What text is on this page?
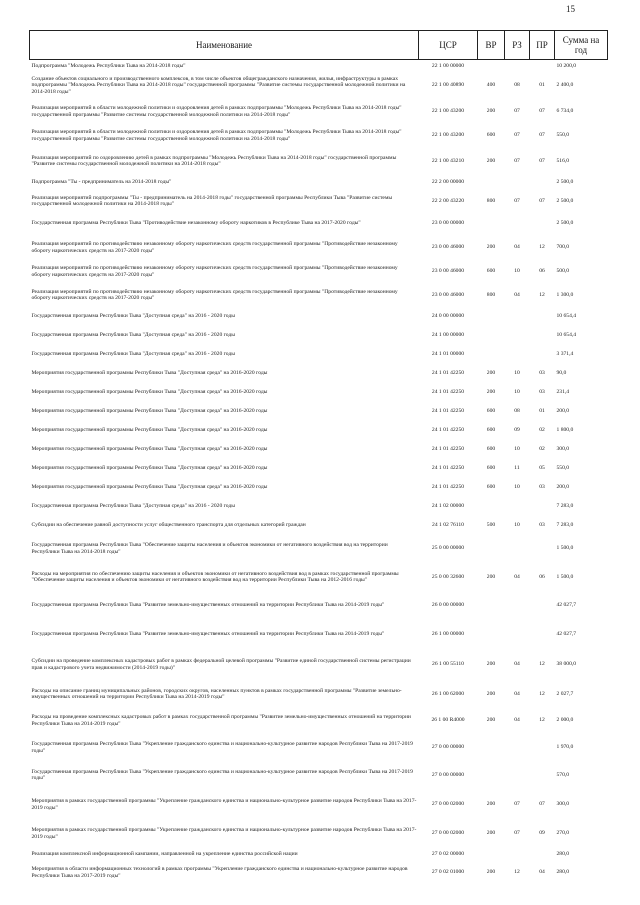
15
Наименование	ЦСР	ВР	РЗ	ПР	Сумма на
год

Подпрограмма "Молодежь Республики Тыва на 2014-2018 годы"	22 1 00 00000				10 200,0
Создание объектов социального и производственного комплексов, в том числе объектов общегражданского назначения, жилья, инфраструктуры в рамках подпрограммы "Молодежь Республики Тыва на 2014-2018 годы" государственной программы "Развитие системы государственной молодежной политики на 2014-2018 годы"	22 1 00 40890	400	08	01	2 400,0
Реализация мероприятий в области молодежной политики и оздоровления детей в рамках подпрограммы "Молодежь Республики Тыва на 2014-2018 годы" государственной программы "Развитие системы государственной молодежной политики на 2014-2018 годы"	22 1 00 43200	200	07	07	6 734,0
Реализация мероприятий в области молодежной политики и оздоровления детей в рамках подпрограммы "Молодежь Республики Тыва на 2014-2018 годы" государственной программы "Развитие системы государственной молодежной политики на 2014-2018 годы"	22 1 00 43200	600	07	07	550,0
Реализация мероприятий по оздоровлению детей в рамках подпрограммы "Молодежь Республики Тыва на 2014-2018 годы" государственной программы "Развитие системы государственной молодежной политики на 2014-2018 годы"	22 1 00 43210	200	07	07	516,0
Подпрограмма "Ты - предприниматель на 2014-2018 годы"	22 2 00 00000				2 500,0
Реализация мероприятий подпрограммы "Ты - предприниматель на 2014-2018 годы" государственной программы Республики Тыва "Развитие системы государственной молодежной политики на 2014-2018 годы"	22 2 00 43220	800	07	07	2 500,0
Государственная программа Республики Тыва "Противодействие незаконному обороту наркотиков в Республике Тыва на 2017-2020 годы"	23 0 00 00000				2 500,0
Реализация мероприятий по противодействию незаконному обороту наркотических средств государственной программы "Противодействие незаконному обороту наркотических средств на 2017-2020 годы"	23 0 00 46000	200	04	12	700,0
Реализация мероприятий по противодействию незаконному обороту наркотических средств государственной программы "Противодействие незаконному обороту наркотических средств на 2017-2020 годы"	23 0 00 46000	600	10	06	500,0
Реализация мероприятий по противодействию незаконному обороту наркотических средств государственной программы "Противодействие незаконному обороту наркотических средств на 2017-2020 годы"	23 0 00 46000	800	04	12	1 300,0
Государственная программа Республики Тыва "Доступная среда" на 2016 - 2020 годы	24 0 00 00000				10 654,4
Государственная программа Республики Тыва "Доступная среда" на 2016 - 2020 годы	24 1 00 00000				10 654,4
Государственная программа Республики Тыва "Доступная среда" на 2016 - 2020 годы	24 1 01 00000				3 371,4
Мероприятия государственной программы Республики Тыва "Доступная среда" на 2016-2020 годы	24 1 01 42250	200	10	03	90,0
Мероприятия государственной программы Республики Тыва "Доступная среда" на 2016-2020 годы	24 1 01 42250	200	10	03	231,4
Мероприятия государственной программы Республики Тыва "Доступная среда" на 2016-2020 годы	24 1 01 42250	600	08	01	200,0
Мероприятия государственной программы Республики Тыва "Доступная среда" на 2016-2020 годы	24 1 01 42250	600	09	02	1 800,0
Мероприятия государственной программы Республики Тыва "Доступная среда" на 2016-2020 годы	24 1 01 42250	600	10	02	300,0
Мероприятия государственной программы Республики Тыва "Доступная среда" на 2016-2020 годы	24 1 01 42250	600	11	05	550,0
Мероприятия государственной программы Республики Тыва "Доступная среда" на 2016-2020 годы	24 1 01 42250	600	10	03	200,0
Государственная программа Республики Тыва "Доступная среда" на 2016 - 2020 годы	24 1 02 00000				7 283,0
Субсидии на обеспечение равной доступности услуг общественного транспорта для отдельных категорий граждан	24 1 02 76110	500	10	03	7 283,0
Государственная программа Республики Тыва "Обеспечение защиты населения и объектов экономики от негативного воздействия вод на территории Республики Тыва на 2014-2018 годы"	25 0 00 00000				1 500,0
Расходы на мероприятия по обеспечению защиты населения и объектов экономики от негативного воздействия вод в рамках государственной программы "Обеспечение защиты населения и объектов экономики от негативного воздействия вод на территории Республики Тыва на 2012-2016 годы"	25 0 00 32600	200	04	06	1 500,0
Государственная программа Республики Тыва "Развитие земельно-имущественных отношений на территории Республики Тыва на 2014-2019 годы"	26 0 00 00000				42 027,7
Государственная программа Республики Тыва "Развитие земельно-имущественных отношений на территории Республики Тыва на 2014-2019 годы"	26 1 00 00000				42 027,7
Субсидии на проведение комплексных кадастровых работ в рамках федеральной целевой программы "Развитие единой государственной системы регистрации прав и кадастрового учета недвижимости (2014-2019 годы)"	26 1 00 55110	200	04	12	38 000,0
Расходы на описание границ муниципальных районов, городских округов, населенных пунктов в рамках государственной программы "Развитие земельно-имущественных отношений на территории Республики Тыва на 2014-2019 годы"	26 1 00 62000	200	04	12	2 027,7
Расходы на проведение комплексных кадастровых работ в рамках государственной программы "Развитие земельно-имущественных отношений на территории Республики Тыва на 2014-2019 годы"	26 1 00 R4000	200	04	12	2 000,0
Государственная программа Республики Тыва "Укрепление гражданского единства и национально-культурное развитие народов Республики Тыва на 2017-2019 годы"	27 0 00 00000				1 970,0
Государственная программа Республики Тыва "Укрепление гражданского единства и национально-культурное развитие народов Республики Тыва на 2017-2019 годы"	27 0 00 00000				570,0
Мероприятия в рамках государственной программы "Укрепление гражданского единства и национально-культурное развитие народов Республики Тыва на 2017-2019 годы"	27 0 00 02000	200	07	07	300,0
Мероприятия в рамках государственной программы "Укрепление гражданского единства и национально-культурное развитие народов Республики Тыва на 2017-2019 годы"	27 0 00 02000	200	07	09	270,0
Реализация комплексной информационной кампании, направленной на укрепление единства российской нации	27 0 02 00000				280,0
Мероприятия в области информационных технологий в рамках программы "Укрепление гражданского единства и национально-культурное развитие народов Республики Тыва на 2017-2019 годы"	27 0 02 01000	200	12	04	280,0
